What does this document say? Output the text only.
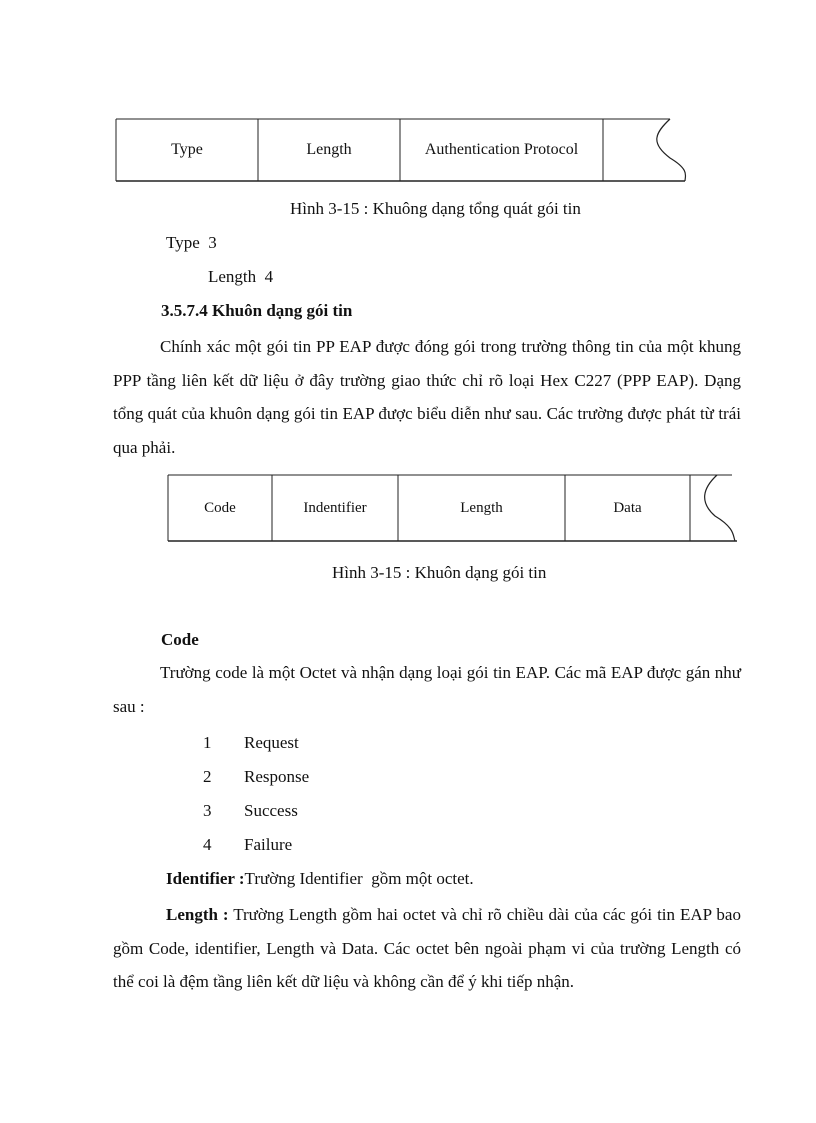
Type	Length	Authentication Protocol
Hình 3-15 : Khuông dạng tổng quát gói tin
Type  3
Length  4
3.5.7.4 Khuôn dạng gói tin
Chính xác một gói tin PP EAP được đóng gói trong trường thông tin của một khung PPP tầng liên kết dữ liệu ở đây trường giao thức chỉ rõ loại Hex C227 (PPP EAP). Dạng tổng quát của khuôn dạng gói tin EAP được biểu diễn như sau. Các trường được phát từ trái qua phải.
Code	Indentifier	Length	Data
Hình 3-15 : Khuôn dạng gói tin
Code
Trường code là một Octet và nhận dạng loại gói tin EAP. Các mã EAP được gán như sau :
1 Request
2 Response
3 Success
4 Failure
Identifier :Trường Identifier  gồm một octet.
Length : Trường Length gồm hai octet và chỉ rõ chiều dài của các gói tin EAP bao gồm Code, identifier, Length và Data. Các octet bên ngoài phạm vi của trường Length có thể coi là đệm tầng liên kết dữ liệu và không cần để ý khi tiếp nhận.
